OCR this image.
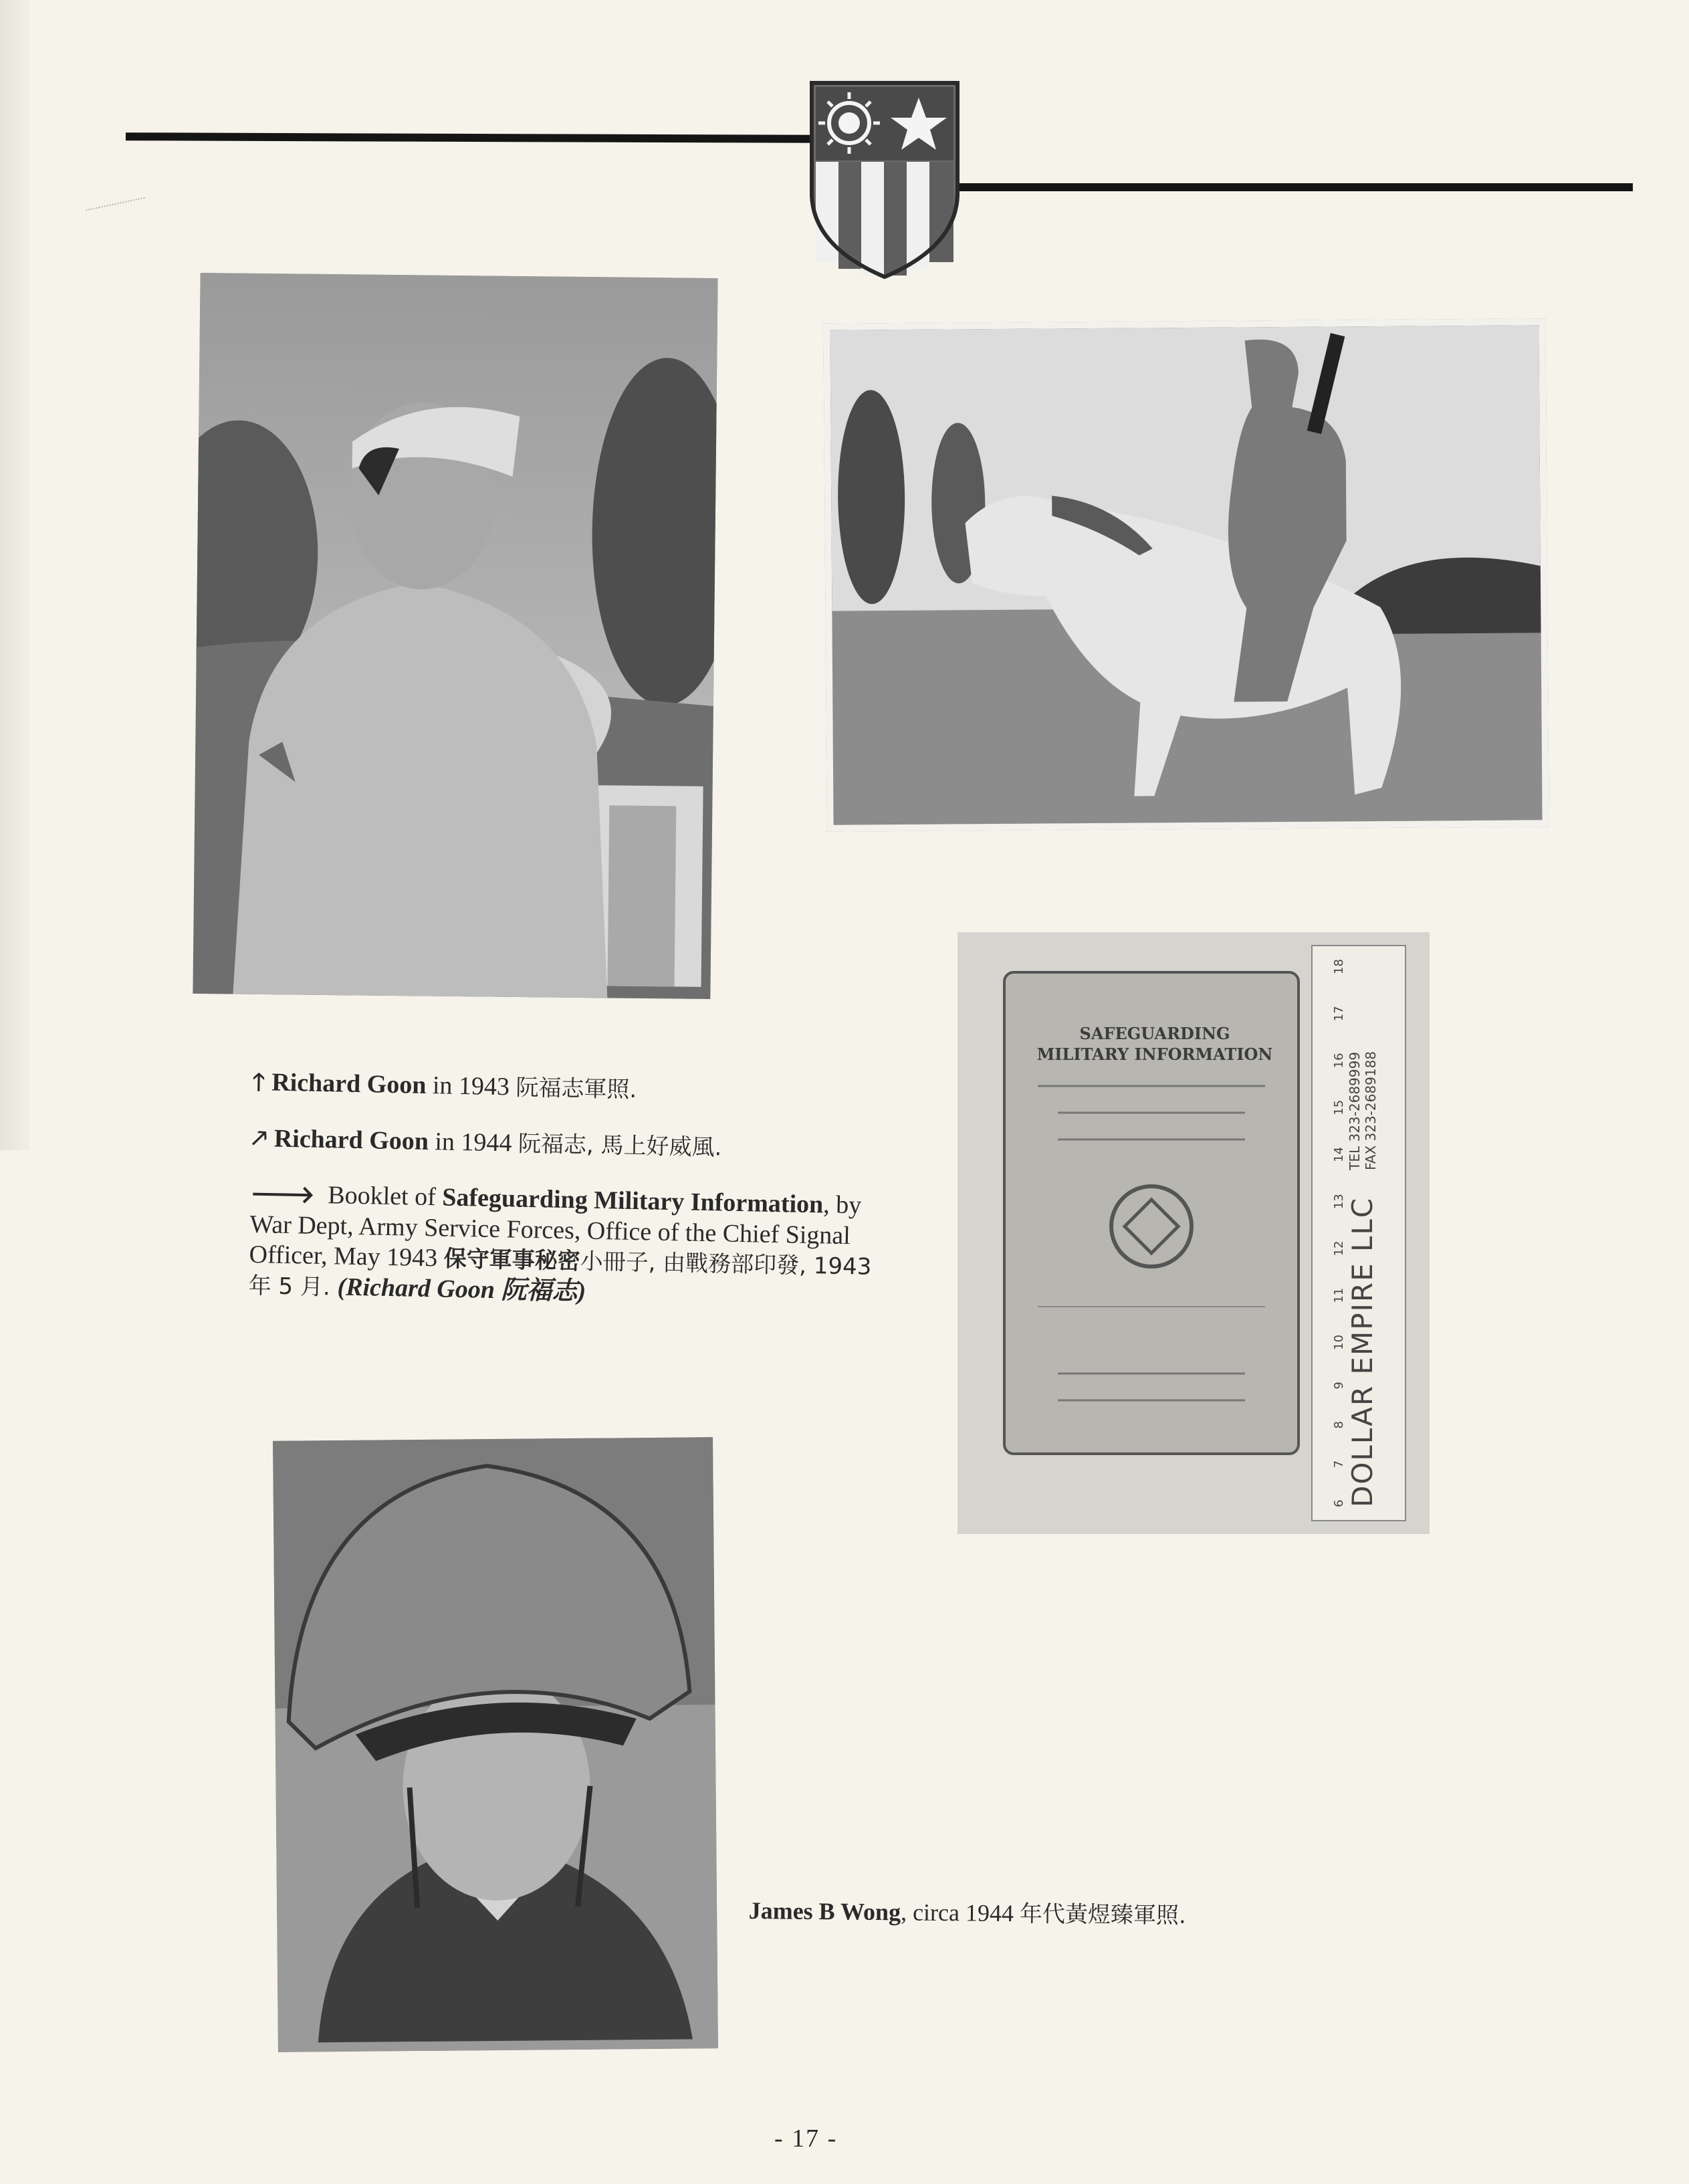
SAFEGUARDING
MILITARY INFORMATION
6
7
8
9
10
11
12
13
14
15
16
17
18
DOLLAR EMPIRE LLC
TEL 323-2689999 FAX 323-2689188

🡑 Richard Goon in 1943 阮福志軍照.

🡕 Richard Goon in 1944 阮福志, 馬上好威風.

🡒 Booklet of Safeguarding Military Information, by War Dept, Army Service Forces, Office of the Chief Signal Officer, May 1943 保守軍事秘密小冊子, 由戰務部印發, 1943 年 5 月. (Richard Goon 阮福志)

James B Wong, circa 1944 年代黃煜臻軍照.

- 17 -
